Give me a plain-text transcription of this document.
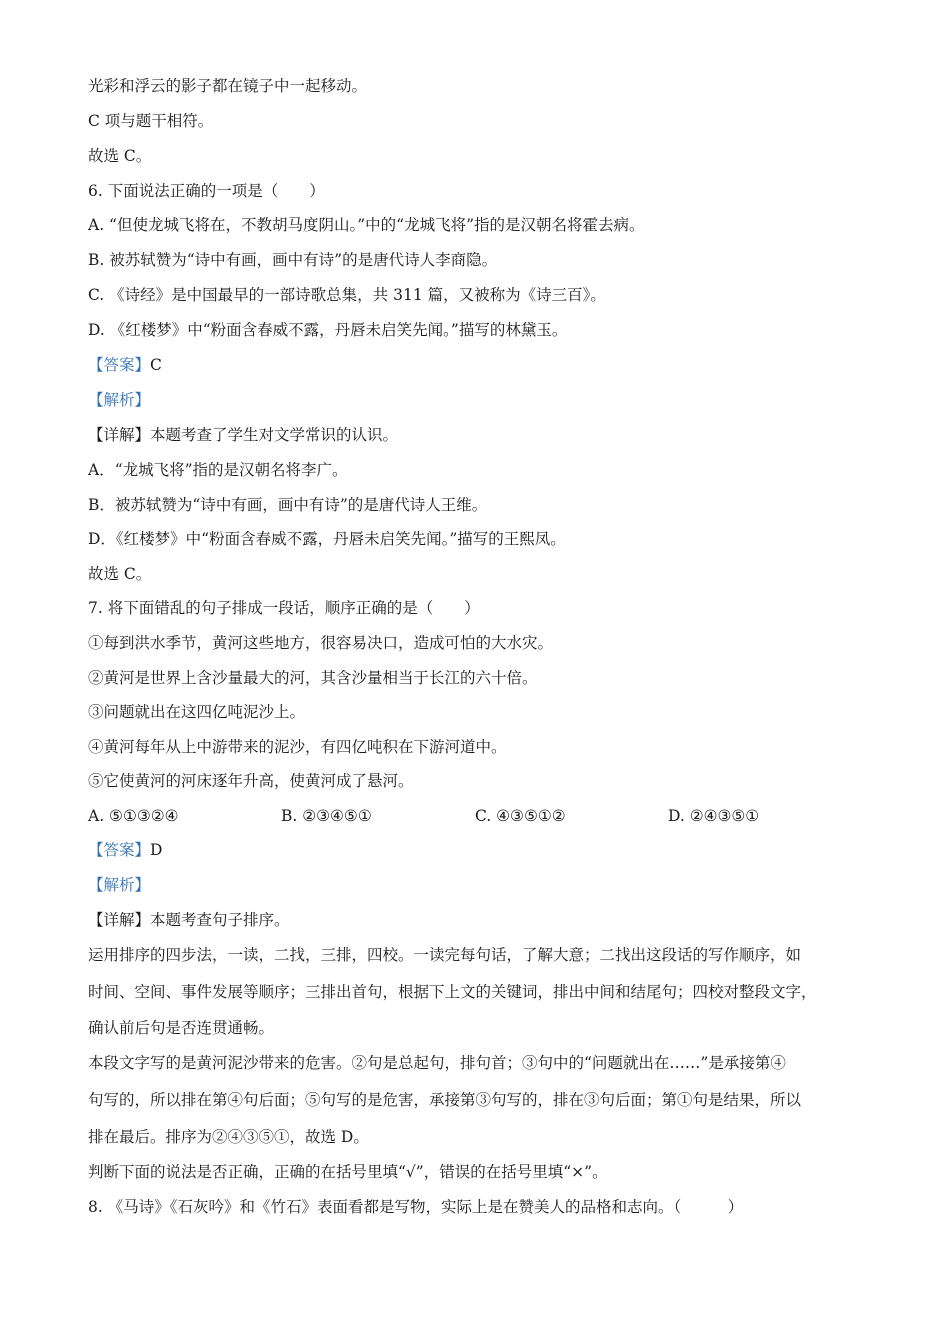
光彩和浮云的影子都在镜子中一起移动。
C 项与题干相符。
故选 C。
6. 下面说法正确的一项是（　　）
A. “但使龙城飞将在，不教胡马度阴山。”中的“龙城飞将”指的是汉朝名将霍去病。
B. 被苏轼赞为“诗中有画，画中有诗”的是唐代诗人李商隐。
C. 《诗经》是中国最早的一部诗歌总集，共 311 篇，又被称为《诗三百》。
D. 《红楼梦》中“粉面含春威不露，丹唇未启笑先闻。”描写的林黛玉。
【答案】C
【解析】
【详解】本题考查了学生对文学常识的认识。
A．“龙城飞将”指的是汉朝名将李广。
B．被苏轼赞为“诗中有画，画中有诗”的是唐代诗人王维。
D．《红楼梦》中“粉面含春威不露，丹唇未启笑先闻。”描写的王熙凤。
故选 C。
7. 将下面错乱的句子排成一段话，顺序正确的是（　　）
①每到洪水季节，黄河这些地方，很容易决口，造成可怕的大水灾。
②黄河是世界上含沙量最大的河，其含沙量相当于长江的六十倍。
③问题就出在这四亿吨泥沙上。
④黄河每年从上中游带来的泥沙，有四亿吨积在下游河道中。
⑤它使黄河的河床逐年升高，使黄河成了悬河。
A. ⑤①③②④	B. ②③④⑤①	C. ④③⑤①②	D. ②④③⑤①
【答案】D
【解析】
【详解】本题考查句子排序。
运用排序的四步法，一读，二找，三排，四校。一读完每句话，了解大意；二找出这段话的写作顺序，如
时间、空间、事件发展等顺序；三排出首句，根据下上文的关键词，排出中间和结尾句；四校对整段文字，
确认前后句是否连贯通畅。
本段文字写的是黄河泥沙带来的危害。②句是总起句，排句首；③句中的“问题就出在……”是承接第④
句写的，所以排在第④句后面；⑤句写的是危害，承接第③句写的，排在③句后面；第①句是结果，所以
排在最后。排序为②④③⑤①，故选 D。
判断下面的说法是否正确，正确的在括号里填“√”，错误的在括号里填“×”。
8. 《马诗》《石灰吟》和《竹石》表面看都是写物，实际上是在赞美人的品格和志向。（　　　）
